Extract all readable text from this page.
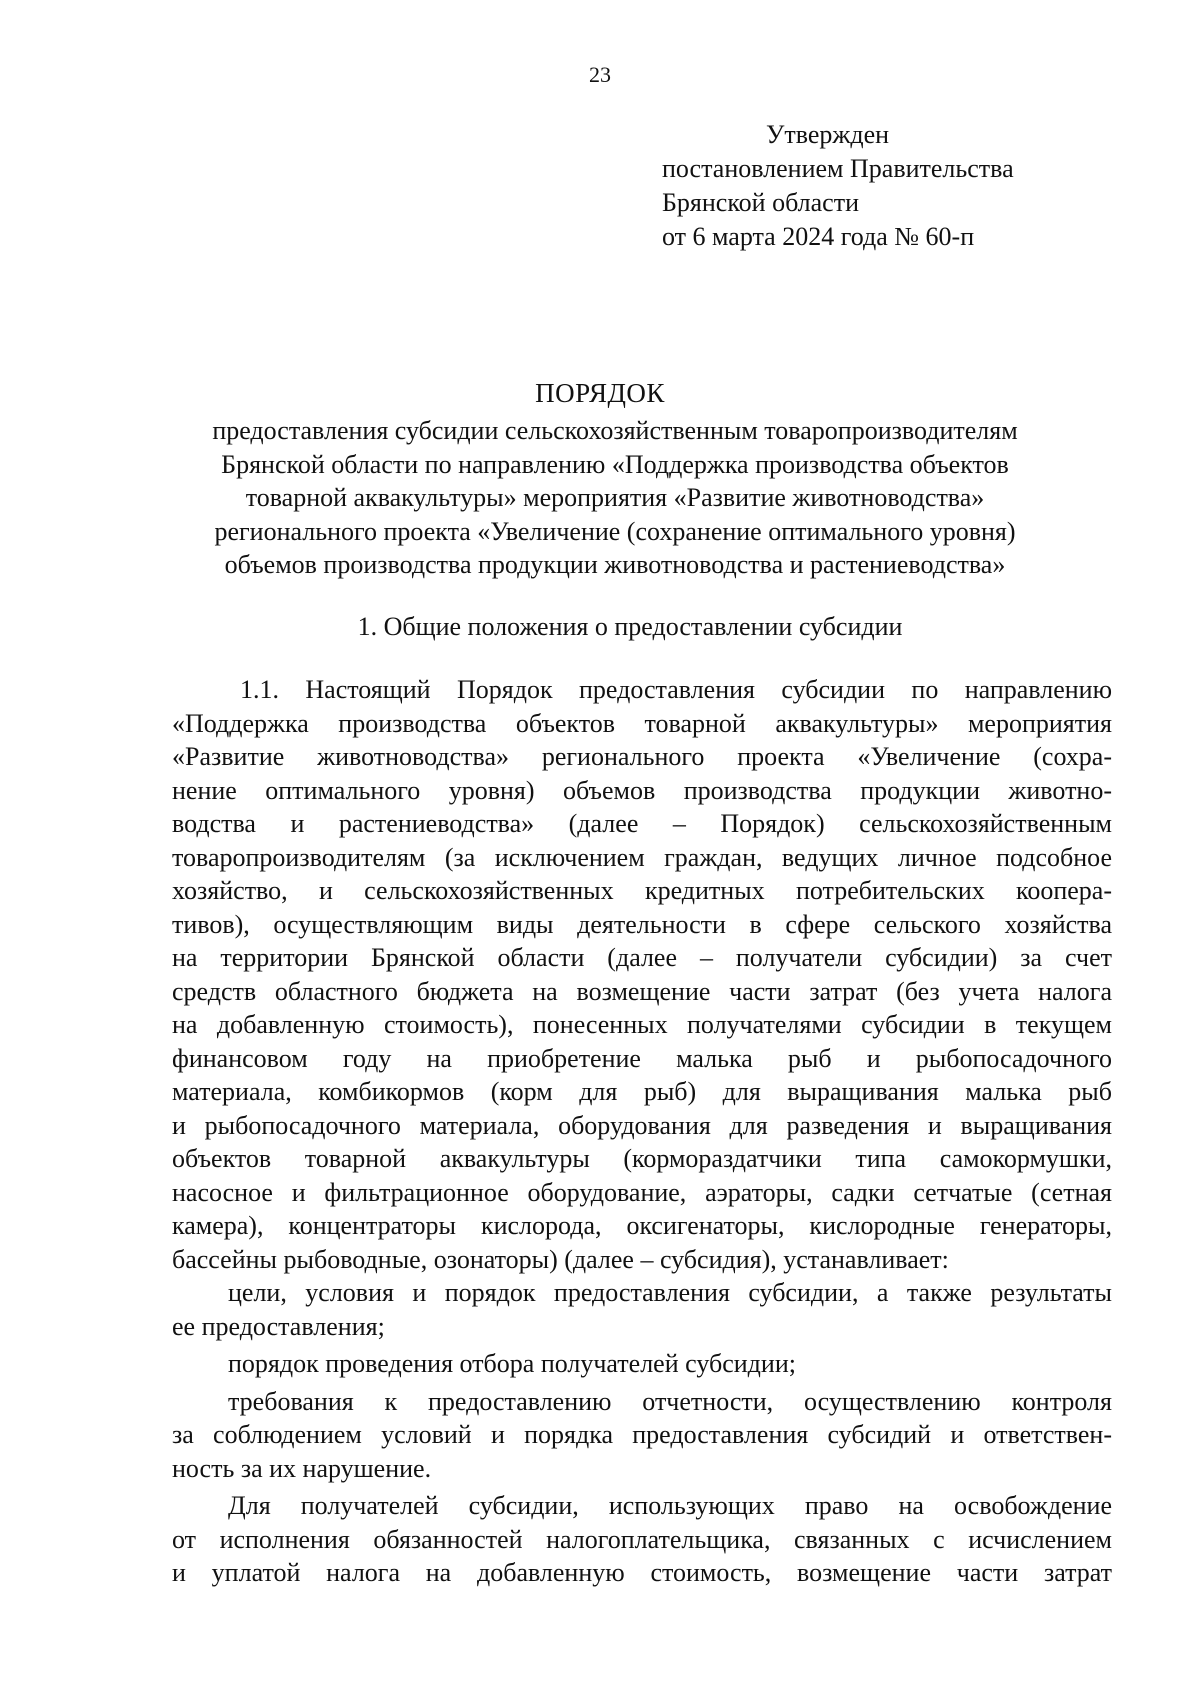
23
Утвержден
постановлением Правительства
Брянской области
от 6 марта 2024 года № 60-п
ПОРЯДОК
предоставления субсидии сельскохозяйственным товаропроизводителям
Брянской области по направлению «Поддержка производства объектов
товарной аквакультуры» мероприятия «Развитие животноводства»
регионального проекта «Увеличение (сохранение оптимального уровня)
объемов производства продукции животноводства и растениеводства»
1. Общие положения о предоставлении субсидии
1.1. Настоящий Порядок предоставления субсидии по направлению
«Поддержка производства объектов товарной аквакультуры» мероприятия
«Развитие животноводства» регионального проекта «Увеличение (сохра-
нение оптимального уровня) объемов производства продукции животно-
водства и растениеводства» (далее – Порядок) сельскохозяйственным
товаропроизводителям (за исключением граждан, ведущих личное подсобное
хозяйство, и сельскохозяйственных кредитных потребительских коопера-
тивов), осуществляющим виды деятельности в сфере сельского хозяйства
на территории Брянской области (далее – получатели субсидии) за счет
средств областного бюджета на возмещение части затрат (без учета налога
на добавленную стоимость), понесенных получателями субсидии в текущем
финансовом году на приобретение малька рыб и рыбопосадочного
материала, комбикормов (корм для рыб) для выращивания малька рыб
и рыбопосадочного материала, оборудования для разведения и выращивания
объектов товарной аквакультуры (кормораздатчики типа самокормушки,
насосное и фильтрационное оборудование, аэраторы, садки сетчатые (сетная
камера), концентраторы кислорода, оксигенаторы, кислородные генераторы,
бассейны рыбоводные, озонаторы) (далее – субсидия), устанавливает:
цели, условия и порядок предоставления субсидии, а также результаты
ее предоставления;
порядок проведения отбора получателей субсидии;
требования к предоставлению отчетности, осуществлению контроля
за соблюдением условий и порядка предоставления субсидий и ответствен-
ность за их нарушение.
Для получателей субсидии, использующих право на освобождение
от исполнения обязанностей налогоплательщика, связанных с исчислением
и уплатой налога на добавленную стоимость, возмещение части затрат
